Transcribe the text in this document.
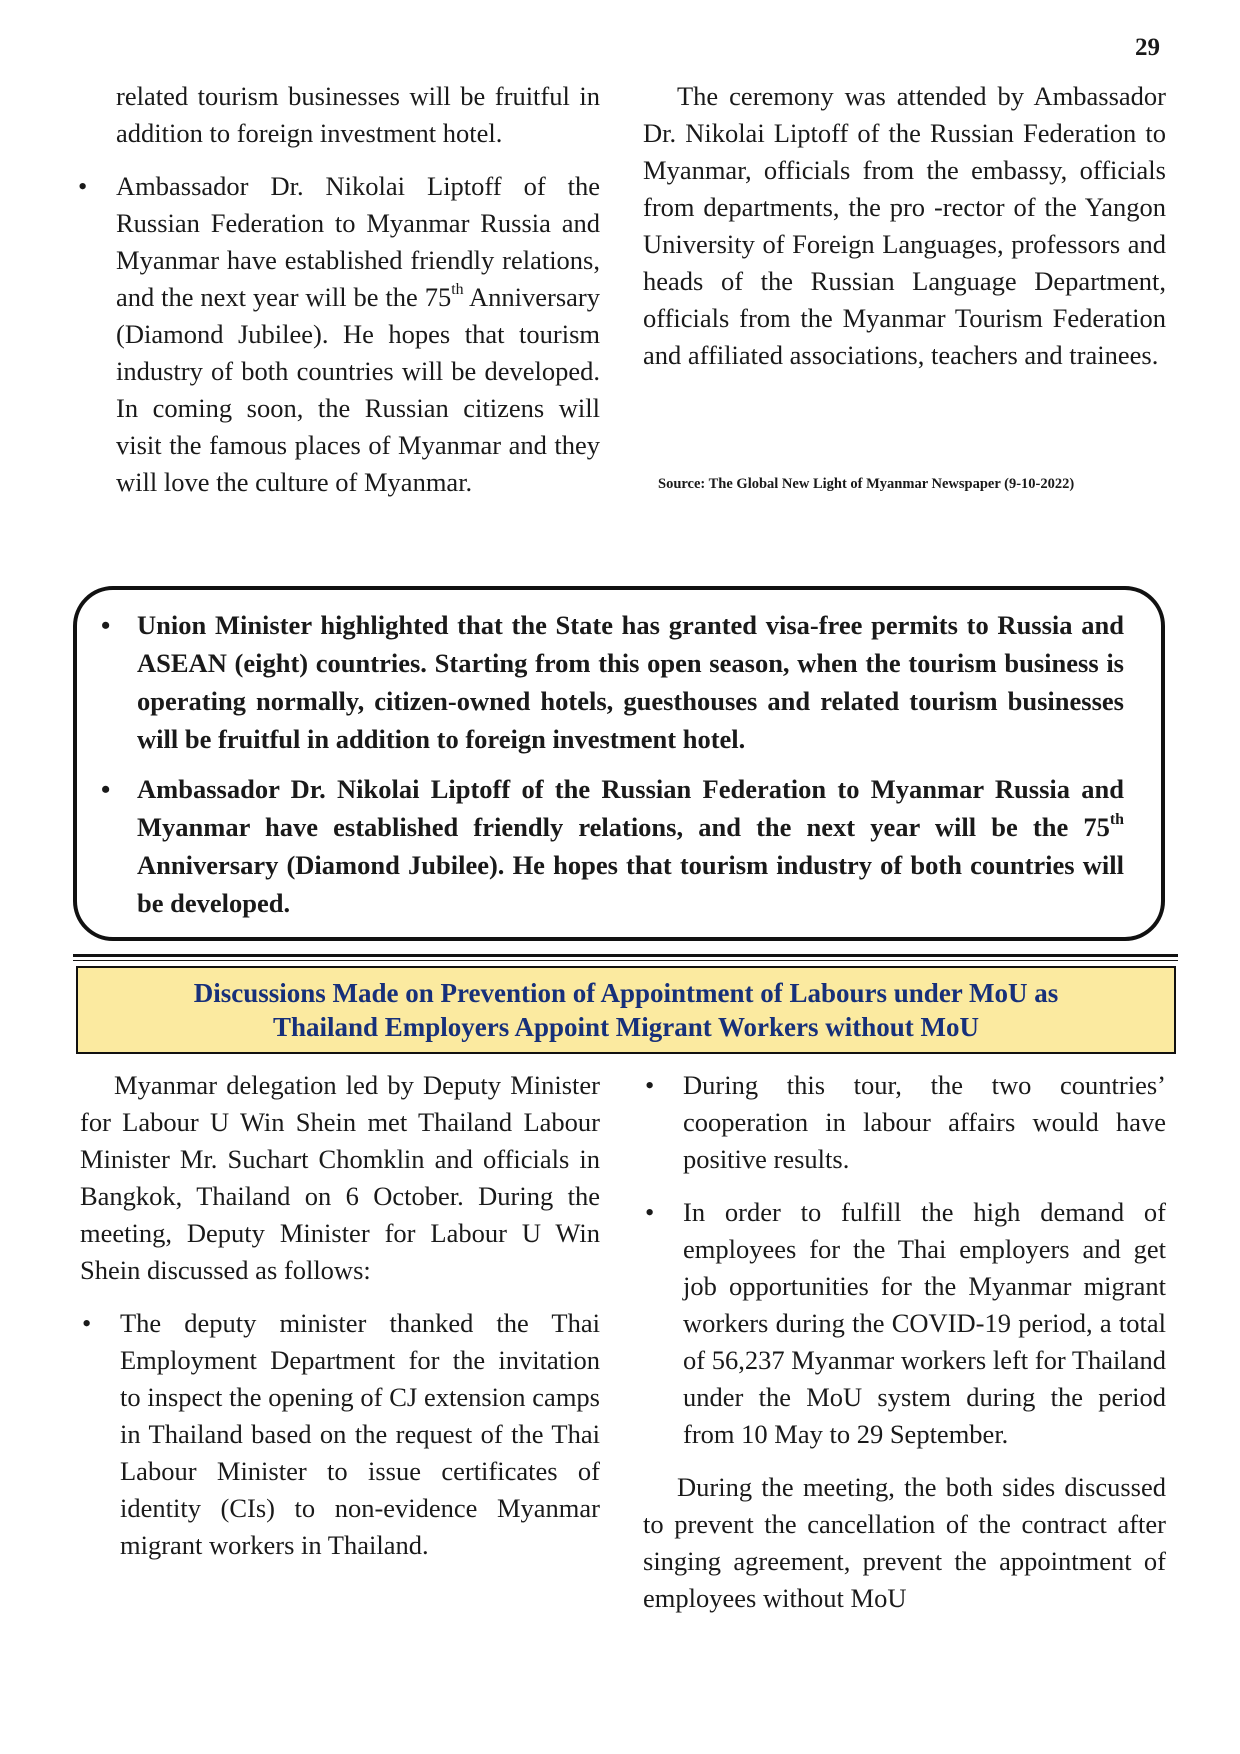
29

related tourism businesses will be fruitful in addition to foreign investment hotel.

• Ambassador Dr. Nikolai Liptoff of the Russian Federation to Myanmar Russia and Myanmar have established friendly relations, and the next year will be the 75th Anniversary (Diamond Jubilee). He hopes that tourism industry of both countries will be developed. In coming soon, the Russian citizens will visit the famous places of Myanmar and they will love the culture of Myanmar.

The ceremony was attended by Ambassador Dr. Nikolai Liptoff of the Russian Federation to Myanmar, officials from the embassy, officials from departments, the pro -rector of the Yangon University of Foreign Languages, professors and heads of the Russian Language Department, officials from the Myanmar Tourism Federation and affiliated associations, teachers and trainees.

Source: The Global New Light of Myanmar Newspaper (9-10-2022)
• Union Minister highlighted that the State has granted visa-free permits to Russia and ASEAN (eight) countries. Starting from this open season, when the tourism business is operating normally, citizen-owned hotels, guesthouses and related tourism businesses will be fruitful in addition to foreign investment hotel.
• Ambassador Dr. Nikolai Liptoff of the Russian Federation to Myanmar Russia and Myanmar have established friendly relations, and the next year will be the 75th Anniversary (Diamond Jubilee). He hopes that tourism industry of both countries will be developed.
Discussions Made on Prevention of Appointment of Labours under MoU as
Thailand Employers Appoint Migrant Workers without MoU

Myanmar delegation led by Deputy Minister for Labour U Win Shein met Thailand Labour Minister Mr. Suchart Chomklin and officials in Bangkok, Thailand on 6 October. During the meeting, Deputy Minister for Labour U Win Shein discussed as follows:

• The deputy minister thanked the Thai Employment Department for the invitation to inspect the opening of CJ extension camps in Thailand based on the request of the Thai Labour Minister to issue certificates of identity (CIs) to non-evidence Myanmar migrant workers in Thailand.
• During this tour, the two countries’ cooperation in labour affairs would have positive results.
• In order to fulfill the high demand of employees for the Thai employers and get job opportunities for the Myanmar migrant workers during the COVID-19 period, a total of 56,237 Myanmar workers left for Thailand under the MoU system during the period from 10 May to 29 September.

During the meeting, the both sides discussed to prevent the cancellation of the contract after singing agreement, prevent the appointment of employees without MoU
